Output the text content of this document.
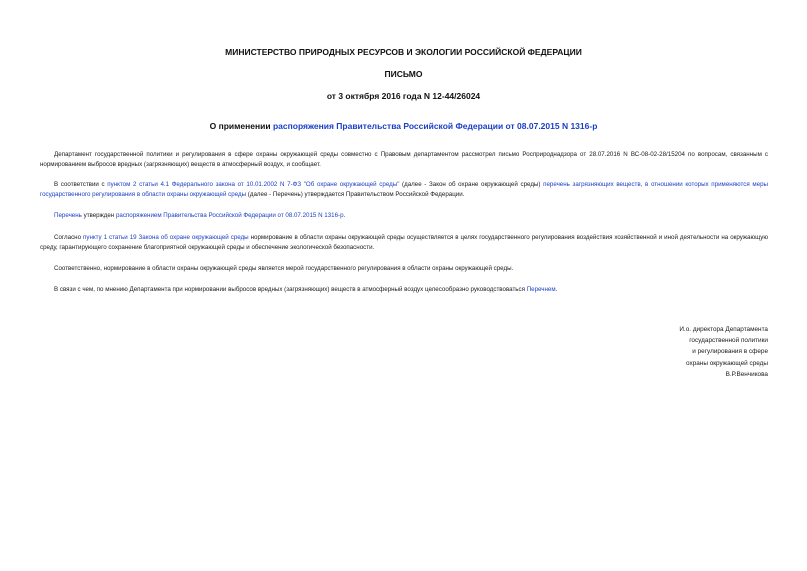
МИНИСТЕРСТВО ПРИРОДНЫХ РЕСУРСОВ И ЭКОЛОГИИ РОССИЙСКОЙ ФЕДЕРАЦИИ
ПИСЬМО
от 3 октября 2016 года N 12-44/26024
О применении распоряжения Правительства Российской Федерации от 08.07.2015 N 1316-р
Департамент государственной политики и регулирования в сфере охраны окружающей среды совместно с Правовым департаментом рассмотрел письмо Росприроднадзора от 28.07.2016 N ВС-08-02-28/15204 по вопросам, связанным с нормированием выбросов вредных (загрязняющих) веществ в атмосферный воздух, и сообщает.
В соответствии с пунктом 2 статьи 4.1 Федерального закона от 10.01.2002 N 7-ФЗ "Об охране окружающей среды" (далее - Закон об охране окружающей среды) перечень загрязняющих веществ, в отношении которых применяются меры государственного регулирования в области охраны окружающей среды (далее - Перечень) утверждается Правительством Российской Федерации.
Перечень утвержден распоряжением Правительства Российской Федерации от 08.07.2015 N 1316-р.
Согласно пункту 1 статьи 19 Закона об охране окружающей среды нормирование в области охраны окружающей среды осуществляется в целях государственного регулирования воздействия хозяйственной и иной деятельности на окружающую среду, гарантирующего сохранение благоприятной окружающей среды и обеспечение экологической безопасности.
Соответственно, нормирование в области охраны окружающей среды является мерой государственного регулирования в области охраны окружающей среды.
В связи с чем, по мнению Департамента при нормировании выбросов вредных (загрязняющих) веществ в атмосферный воздух целесообразно руководствоваться Перечнем.
И.о. директора Департамента
государственной политики
и регулирования в сфере
охраны окружающей среды
В.Р.Венчикова
